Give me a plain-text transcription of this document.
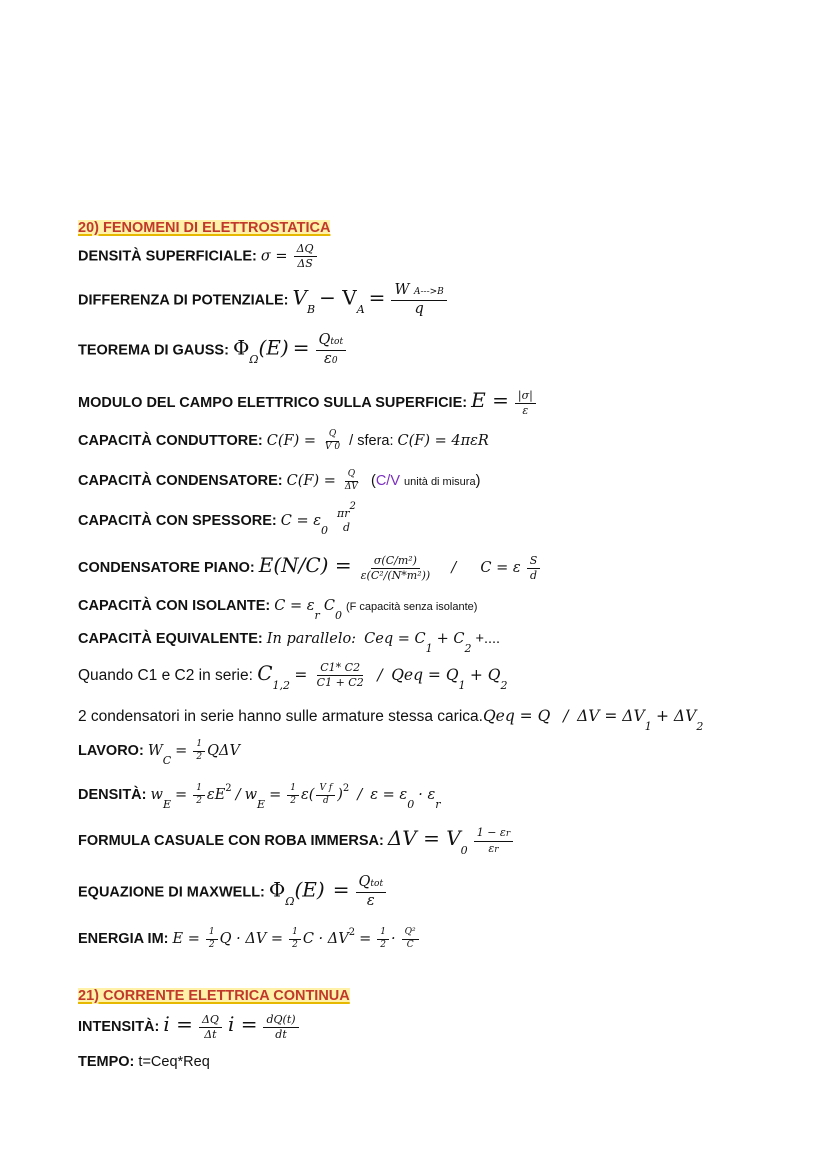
20) FENOMENI DI ELETTROSTATICA
DENSITÀ SUPERFICIALE: $\sigma = \frac{\Delta Q}{\Delta S}$
DIFFERENZA DI POTENZIALE: $V_B - V_A = \frac{\text{W A--->B}}{q}$
TEOREMA DI GAUSS: $\Phi_\Omega(E)$ = Qtot
ε0
MODULO DEL CAMPO ELETTRICO SULLA SUPERFICIE: $E = \frac{|\sigma|}{\varepsilon}$
CAPACITÀ CONDUTTORE: $C(F) = \frac{Q}{V 0}$ / sfera: C(F) = 4πεR
CAPACITÀ CONDENSATORE: $C(F) = \frac{Q}{\Delta V} (C/V$ unità di misura)
CAPACITÀ CON SPESSORE: $C = \varepsilon_0$
πr2
d
CONDENSATORE PIANO: $E(N/C) = \frac{\text{σ(C/m²)}}{\text{ε(C²/(N*m²))}} / C = \varepsilon \frac{S}{d}$
CAPACITÀ CON ISOLANTE: $C = \varepsilon_r$ $C_0$ (F capacità senza isolante)
CAPACITÀ EQUIVALENTE: In parallelo: Ceq = $C_1 + C_2$ +....
Quando C1 e C2 in serie: $C_{1,2} = \frac{C1* C2}{C1 + C2}$ / Qeq = $Q_1 + Q_2$
2 condensatori in serie hanno sulle armature stessa carica.Qeq = $Q / \Delta V = \Delta V_1 + \Delta V_2$
LAVORO: $W_C = \frac{1}{2}$ QΔV
DENSITÀ: $w_E = \frac{1}{2} \varepsilon E^2 / w_E = \frac{1}{2} \varepsilon( \frac{\text{V f}}{d} )^2 / \varepsilon = \varepsilon_0 \cdot \varepsilon_r$
FORMULA CASUALE CON ROBA IMMERSA: $\Delta V = V_0 \frac{1 - \varepsilon r}{\varepsilon r}$
EQUAZIONE DI MAXWELL: $\Phi_\Omega(E)$ = Qtot
ε
ENERGIA IM: $E = \frac{1}{2}$ $Q \cdot \Delta V = \frac{1}{2}$ $C \cdot \Delta V^2 = \frac{1}{2} \cdot \frac{\text{Q²}}{C}$
21) CORRENTE ELETTRICA CONTINUA
INTENSITÀ: $i = \frac{\Delta Q}{\Delta t}$ $i = \frac{dQ(t)}{dt}$
TEMPO: t=Ceq*Req
